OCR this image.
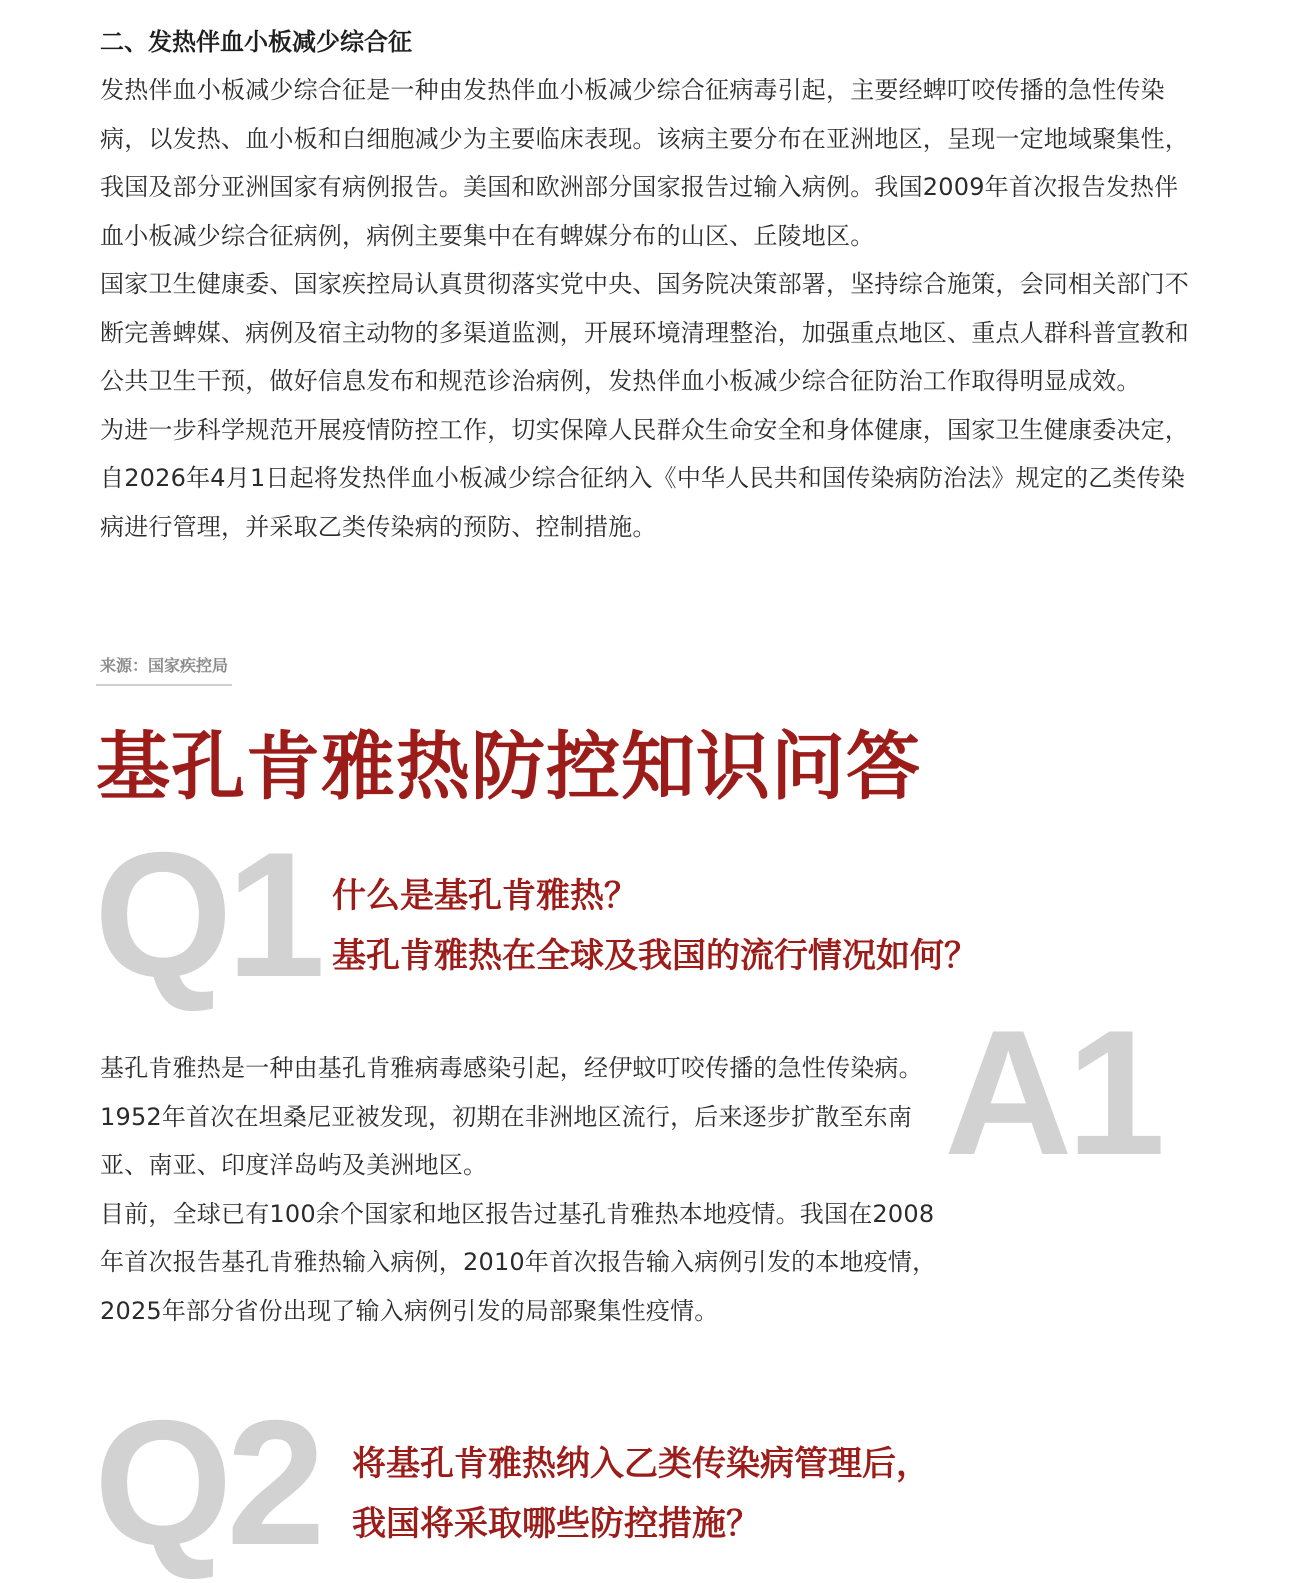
二、发热伴血小板减少综合征

发热伴血小板减少综合征是一种由发热伴血小板减少综合征病毒引起，主要经蜱叮咬传播的急性传染病，以发热、血小板和白细胞减少为主要临床表现。该病主要分布在亚洲地区，呈现一定地域聚集性，我国及部分亚洲国家有病例报告。美国和欧洲部分国家报告过输入病例。我国2009年首次报告发热伴血小板减少综合征病例，病例主要集中在有蜱媒分布的山区、丘陵地区。

国家卫生健康委、国家疾控局认真贯彻落实党中央、国务院决策部署，坚持综合施策，会同相关部门不断完善蜱媒、病例及宿主动物的多渠道监测，开展环境清理整治，加强重点地区、重点人群科普宣教和公共卫生干预，做好信息发布和规范诊治病例，发热伴血小板减少综合征防治工作取得明显成效。

为进一步科学规范开展疫情防控工作，切实保障人民群众生命安全和身体健康，国家卫生健康委决定，自2026年4月1日起将发热伴血小板减少综合征纳入《中华人民共和国传染病防治法》规定的乙类传染病进行管理，并采取乙类传染病的预防、控制措施。

来源：国家疾控局
基孔肯雅热防控知识问答
Q1 什么是基孔肯雅热？
基孔肯雅热在全球及我国的流行情况如何？
A1

基孔肯雅热是一种由基孔肯雅病毒感染引起，经伊蚊叮咬传播的急性传染病。1952年首次在坦桑尼亚被发现，初期在非洲地区流行，后来逐步扩散至东南亚、南亚、印度洋岛屿及美洲地区。

目前，全球已有100余个国家和地区报告过基孔肯雅热本地疫情。我国在2008年首次报告基孔肯雅热输入病例，2010年首次报告输入病例引发的本地疫情，2025年部分省份出现了输入病例引发的局部聚集性疫情。

Q2 将基孔肯雅热纳入乙类传染病管理后，
我国将采取哪些防控措施？
